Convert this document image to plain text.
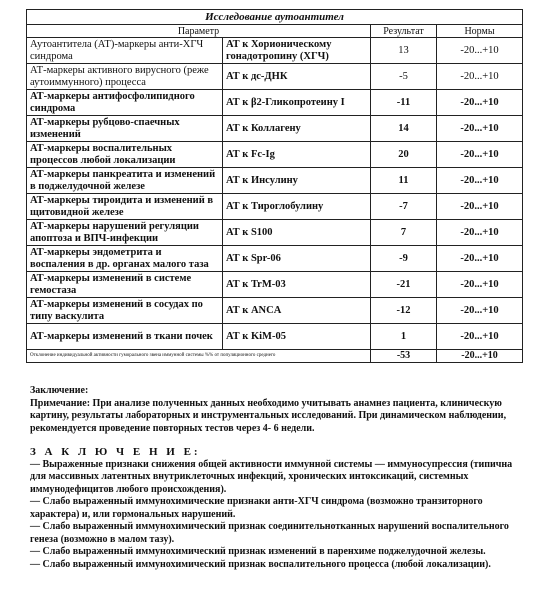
Исследование аутоантител			
Параметр		Результат	Нормы
Аутоантитела (АТ)-маркеры анти-ХГЧ синдрома	АТ к Хорионическому гонадотропину (ХГЧ)	13	-20...+10
АТ-маркеры активного вирусного (реже аутоиммунного) процесса	АТ к дс-ДНК	-5	-20...+10
АТ-маркеры антифосфолипидного синдрома	АТ к β2-Гликопротеину I	-11	-20...+10
АТ-маркеры рубцово-спаечных изменений	АТ к Коллагену	14	-20...+10
АТ-маркеры воспалительных процессов любой локализации	АТ к Fc-Ig	20	-20...+10
АТ-маркеры панкреатита и изменений в поджелудочной железе	АТ к Инсулину	11	-20...+10
АТ-маркеры тироидита и изменений в щитовидной железе	АТ к Тироглобулину	-7	-20...+10
АТ-маркеры нарушений регуляции апоптоза и ВПЧ-инфекции	АТ к S100	7	-20...+10
АТ-маркеры эндометрита и воспаления в др. органах малого таза	АТ к Spr-06	-9	-20...+10
АТ-маркеры изменений в системе гемостаза	АТ к TrM-03	-21	-20...+10
АТ-маркеры изменений в сосудах по типу васкулита	АТ к ANCA	-12	-20...+10
АТ-маркеры изменений в ткани почек	АТ к KiM-05	1	-20...+10
Отклонение индивидуальной активности гуморального звена иммунной системы %% от популяционного среднего		-53	-20...+10

Заключение:

Примечание: При анализе полученных данных необходимо учитывать анамнез пациента, клиническую картину, результаты лабораторных и инструментальных исследований. При динамическом наблюдении, рекомендуется проведение повторных тестов через 4- 6 недели.

З А К Л Ю Ч Е Н И Е:

— Выраженные признаки снижения общей активности иммунной системы — иммуносупрессия (типична для массивных латентных внутриклеточных инфекций, хронических интоксикаций, системных иммунодефицитов любого происхождения).

— Слабо выраженный иммунохимические признаки анти-ХГЧ синдрома (возможно транзиторного характера) и, или гормональных нарушений.

— Слабо выраженный иммунохимический признак соединительнотканных нарушений воспалительного генеза (возможно в малом тазу).

— Слабо выраженный иммунохимический признак изменений в паренхиме поджелудочной железы.

— Слабо выраженный иммунохимический признак воспалительного процесса (любой локализации).
